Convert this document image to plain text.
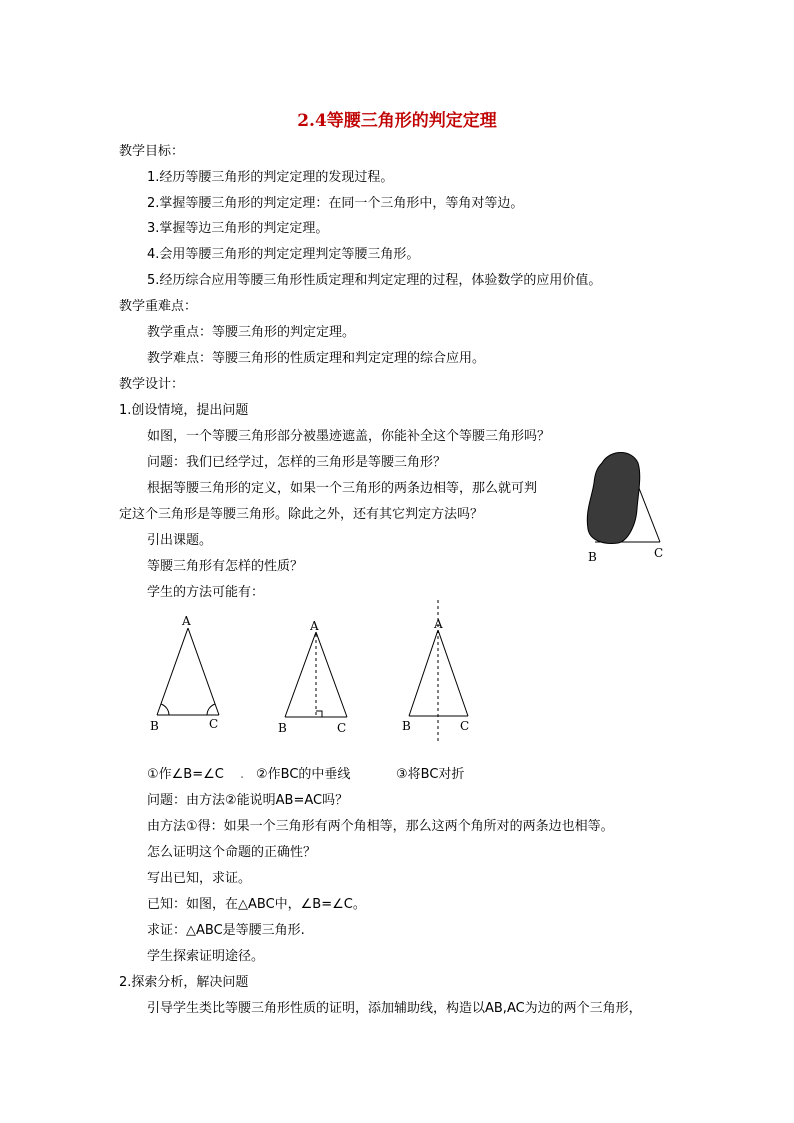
2.4等腰三角形的判定定理
教学目标：
1.经历等腰三角形的判定定理的发现过程。
2.掌握等腰三角形的判定定理：在同一个三角形中，等角对等边。
3.掌握等边三角形的判定定理。
4.会用等腰三角形的判定定理判定等腰三角形。
5.经历综合应用等腰三角形性质定理和判定定理的过程，体验数学的应用价值。
教学重难点：
教学重点：等腰三角形的判定定理。
教学难点：等腰三角形的性质定理和判定定理的综合应用。
教学设计：
1.创设情境，提出问题
如图，一个等腰三角形部分被墨迹遮盖，你能补全这个等腰三角形吗？
问题：我们已经学过，怎样的三角形是等腰三角形？
根据等腰三角形的定义，如果一个三角形的两条边相等，那么就可判
定这个三角形是等腰三角形。除此之外，还有其它判定方法吗？
引出课题。
等腰三角形有怎样的性质？
学生的方法可能有：
①作∠B=∠C . ②作BC的中垂线	③将BC对折
问题：由方法②能说明AB=AC吗？
由方法①得：如果一个三角形有两个角相等，那么这两个角所对的两条边也相等。
怎么证明这个命题的正确性？
写出已知，求证。
已知：如图，在△ABC中，∠B=∠C。
求证：△ABC是等腰三角形.
学生探索证明途径。
2.探索分析，解决问题
引导学生类比等腰三角形性质的证明，添加辅助线，构造以AB,AC为边的两个三角形，
B	C
A
B	C
A
B	C
A
B	C
